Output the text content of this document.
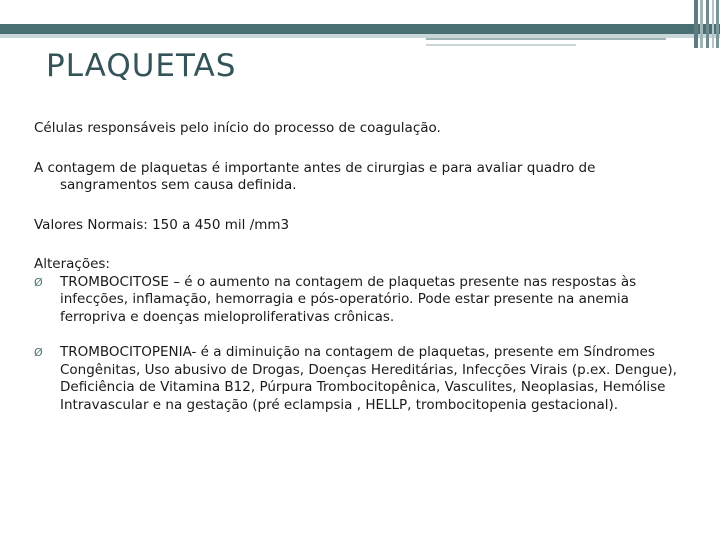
PLAQUETAS

Células responsáveis pelo início do processo de coagulação.

A contagem de plaquetas é importante antes de cirurgias e para avaliar quadro de sangramentos sem causa definida.

Valores Normais: 150 a 450 mil /mm3

Alterações:

Ø TROMBOCITOSE – é o aumento na contagem de plaquetas presente nas respostas às infecções, inflamação, hemorragia e pós-operatório. Pode estar presente na anemia ferropriva e doenças mieloproliferativas crônicas.
Ø TROMBOCITOPENIA- é a diminuição na contagem de plaquetas, presente em Síndromes Congênitas, Uso abusivo de Drogas, Doenças Hereditárias, Infecções Virais (p.ex. Dengue), Deficiência de Vitamina B12, Púrpura Trombocitopênica, Vasculites, Neoplasias, Hemólise Intravascular e na gestação (pré eclampsia , HELLP, trombocitopenia gestacional).
